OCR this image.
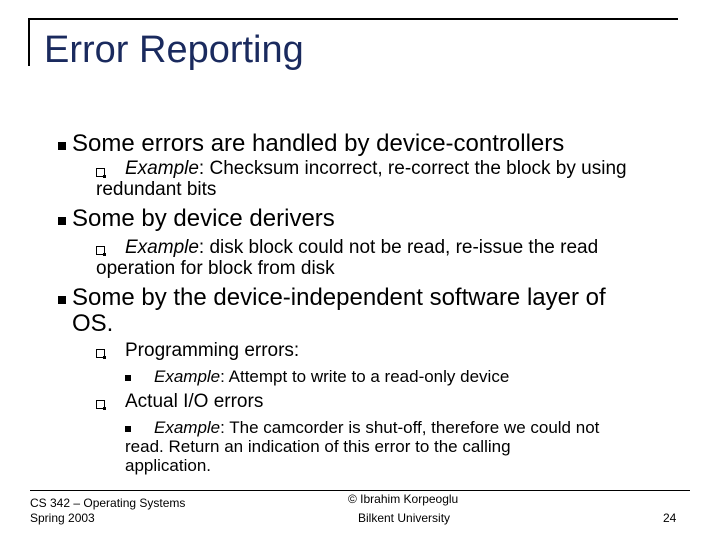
Error Reporting
Some errors are handled by device-controllers
Example: Checksum incorrect, re-correct the block by using
redundant bits
Some by device derivers
Example: disk block could not be read, re-issue the read
operation for block from disk
Some by the device-independent software layer of
OS.
Programming errors:
Example: Attempt to write to a read-only device
Actual I/O errors
Example: The camcorder is shut-off, therefore we could not
read. Return an indication of this error to the calling
application.
CS 342 – Operating Systems
Spring 2003
© Ibrahim Korpeoglu
Bilkent University	24
